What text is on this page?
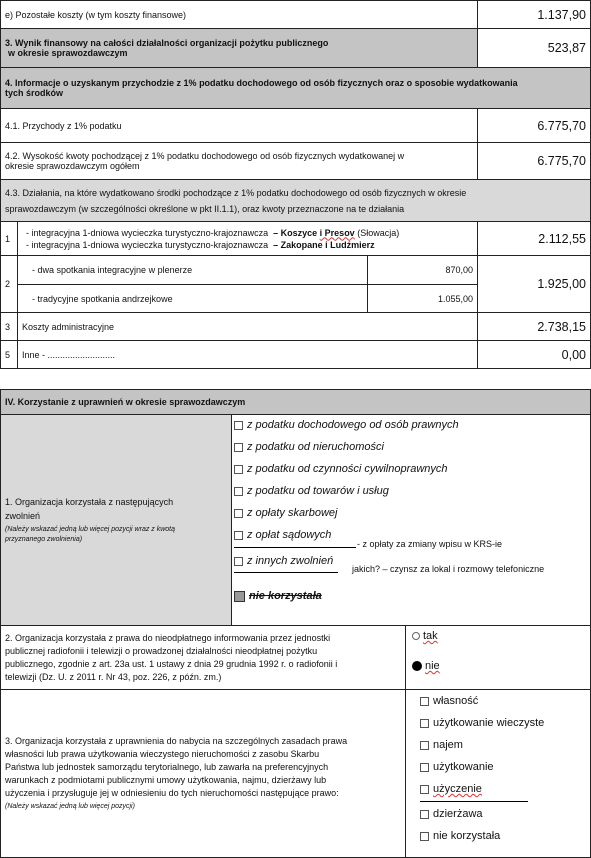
e) Pozostałe koszty (w tym koszty finansowe)	1.137,90
3. Wynik finansowy na całości działalności organizacji pożytku publicznego
w okresie sprawozdawczym	523,87
4. Informacje o uzyskanym przychodzie z 1% podatku dochodowego od osób fizycznych oraz o sposobie wydatkowania
tych środków
4.1. Przychody z 1% podatku	6.775,70
4.2. Wysokość kwoty pochodzącej z 1% podatku dochodowego od osób fizycznych wydatkowanej w
okresie sprawozdawczym ogółem	6.775,70
4.3. Działania, na które wydatkowano środki pochodzące z 1% podatku dochodowego od osób fizycznych w okresie
sprawozdawczym (w szczególności określone w pkt II.1.1), oraz kwoty przeznaczone na te działania
1
- integracyjna 1-dniowa wycieczka turystyczno-krajoznawcza – Koszyce i Presov (Słowacja)
- integracyjna 1-dniowa wycieczka turystyczno-krajoznawcza – Zakopane i Ludźmierz	2.112,55
2
- dwa spotkania integracyjne w plenerze	870,00
- tradycyjne spotkania andrzejkowe	1.055,00
1.925,00
3 Koszty administracyjne	2.738,15
5 Inne - ...........................	0,00
IV. Korzystanie z uprawnień w okresie sprawozdawczym
1. Organizacja korzystała z następujących
zwolnień
(Należy wskazać jedną lub więcej pozycji wraz z kwotą
przyznanego zwolnienia)
z podatku dochodowego od osób prawnych
z podatku od nieruchomości
z podatku od czynności cywilnoprawnych
z podatku od towarów i usług
z opłaty skarbowej
z opłat sądowych
- z opłaty za zmiany wpisu w KRS-ie
z innych zwolnień
jakich? – czynsz za lokal i rozmowy telefoniczne
nie korzystała
2. Organizacja korzystała z prawa do nieodpłatnego informowania przez jednostki
publicznej radiofonii i telewizji o prowadzonej działalności nieodpłatnej pożytku
publicznego, zgodnie z art. 23a ust. 1 ustawy z dnia 29 grudnia 1992 r. o radiofonii i
telewizji (Dz. U. z 2011 r. Nr 43, poz. 226, z późn. zm.)
tak
nie
3. Organizacja korzystała z uprawnienia do nabycia na szczególnych zasadach prawa
własności lub prawa użytkowania wieczystego nieruchomości z zasobu Skarbu
Państwa lub jednostek samorządu terytorialnego, lub zawarła na preferencyjnych
warunkach z podmiotami publicznymi umowy użytkowania, najmu, dzierżawy lub
użyczenia i przysługuje jej w odniesieniu do tych nieruchomości następujące prawo:
(Należy wskazać jedną lub więcej pozycji)
własność
użytkowanie wieczyste
najem
użytkowanie
użyczenie
dzierżawa
nie korzystała
